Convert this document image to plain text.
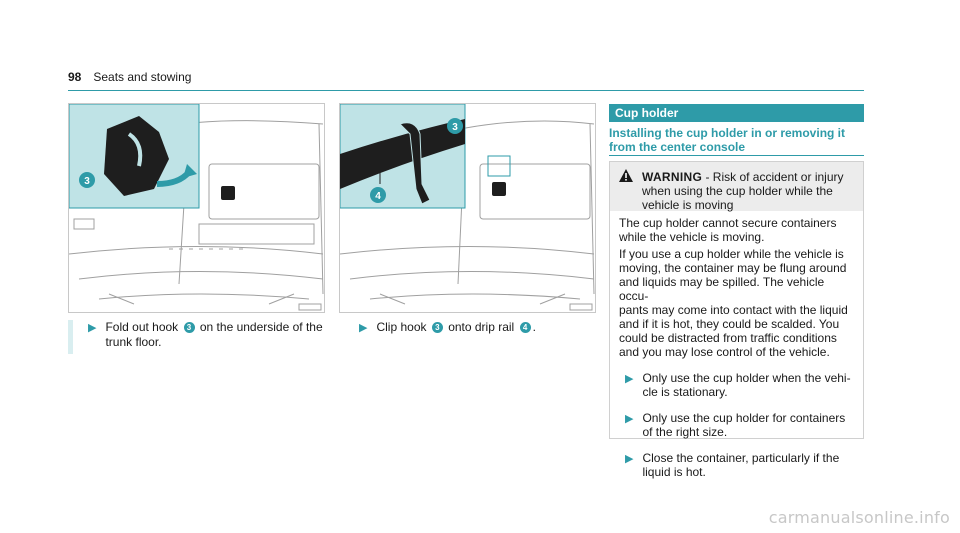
98 Seats and stowing
3
3
4
▶ Fold out hook 3 on the underside of the
trunk floor.
▶ Clip hook 3 onto drip rail 4 .
Cup holder
Installing the cup holder in or removing it
from the center console
WARNING - Risk of accident or injury
when using the cup holder while the
vehicle is moving

The cup holder cannot secure containers
while the vehicle is moving.

If you use a cup holder while the vehicle is
moving, the container may be flung around
and liquids may be spilled. The vehicle occu-
pants may come into contact with the liquid
and if it is hot, they could be scalded. You
could be distracted from traffic conditions
and you may lose control of the vehicle.

▶ Only use the cup holder when the vehi-
cle is stationary.
▶ Only use the cup holder for containers
of the right size.
▶ Close the container, particularly if the
liquid is hot.
carmanualsonline.info
